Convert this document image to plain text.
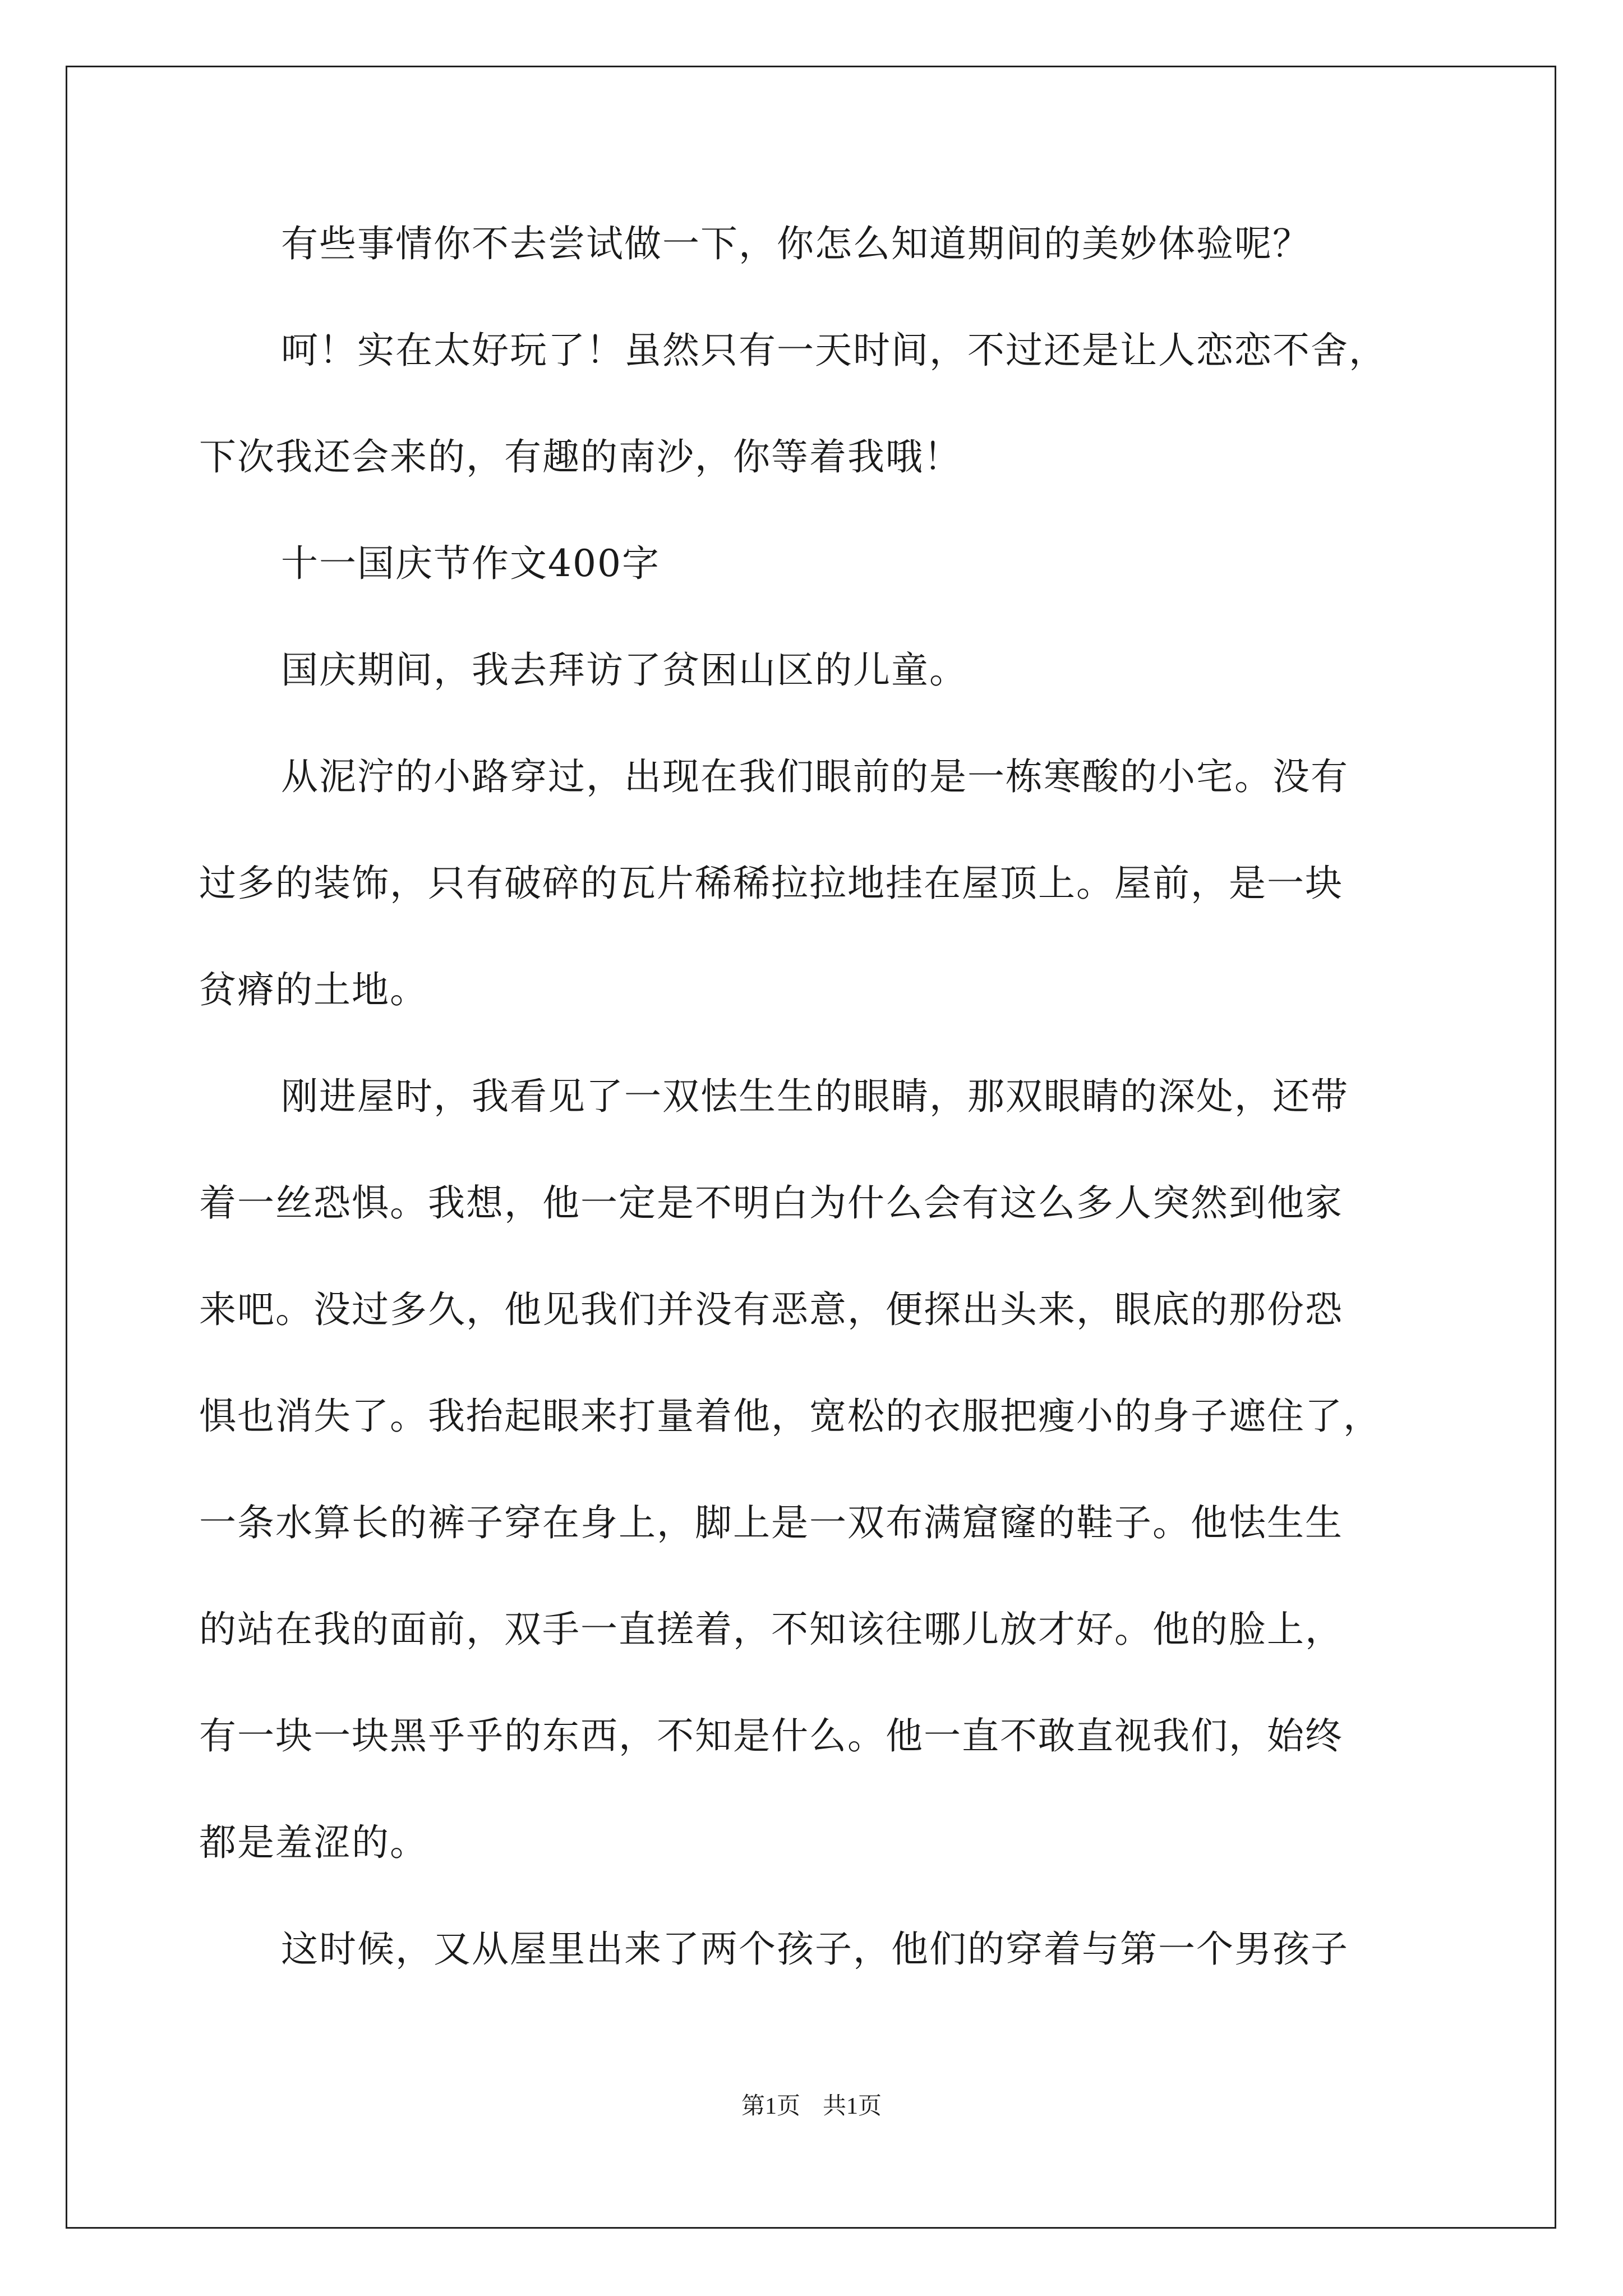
有些事情你不去尝试做一下，你怎么知道期间的美妙体验呢？
呵！实在太好玩了！虽然只有一天时间，不过还是让人恋恋不舍，
下次我还会来的，有趣的南沙，你等着我哦！
十一国庆节作文400字
国庆期间，我去拜访了贫困山区的儿童。
从泥泞的小路穿过，出现在我们眼前的是一栋寒酸的小宅。没有
过多的装饰，只有破碎的瓦片稀稀拉拉地挂在屋顶上。屋前，是一块
贫瘠的土地。
刚进屋时，我看见了一双怯生生的眼睛，那双眼睛的深处，还带
着一丝恐惧。我想，他一定是不明白为什么会有这么多人突然到他家
来吧。没过多久，他见我们并没有恶意，便探出头来，眼底的那份恐
惧也消失了。我抬起眼来打量着他，宽松的衣服把瘦小的身子遮住了，
一条水算长的裤子穿在身上，脚上是一双布满窟窿的鞋子。他怯生生
的站在我的面前，双手一直搓着，不知该往哪儿放才好。他的脸上，
有一块一块黑乎乎的东西，不知是什么。他一直不敢直视我们，始终
都是羞涩的。
这时候，又从屋里出来了两个孩子，他们的穿着与第一个男孩子
第1页 共1页
